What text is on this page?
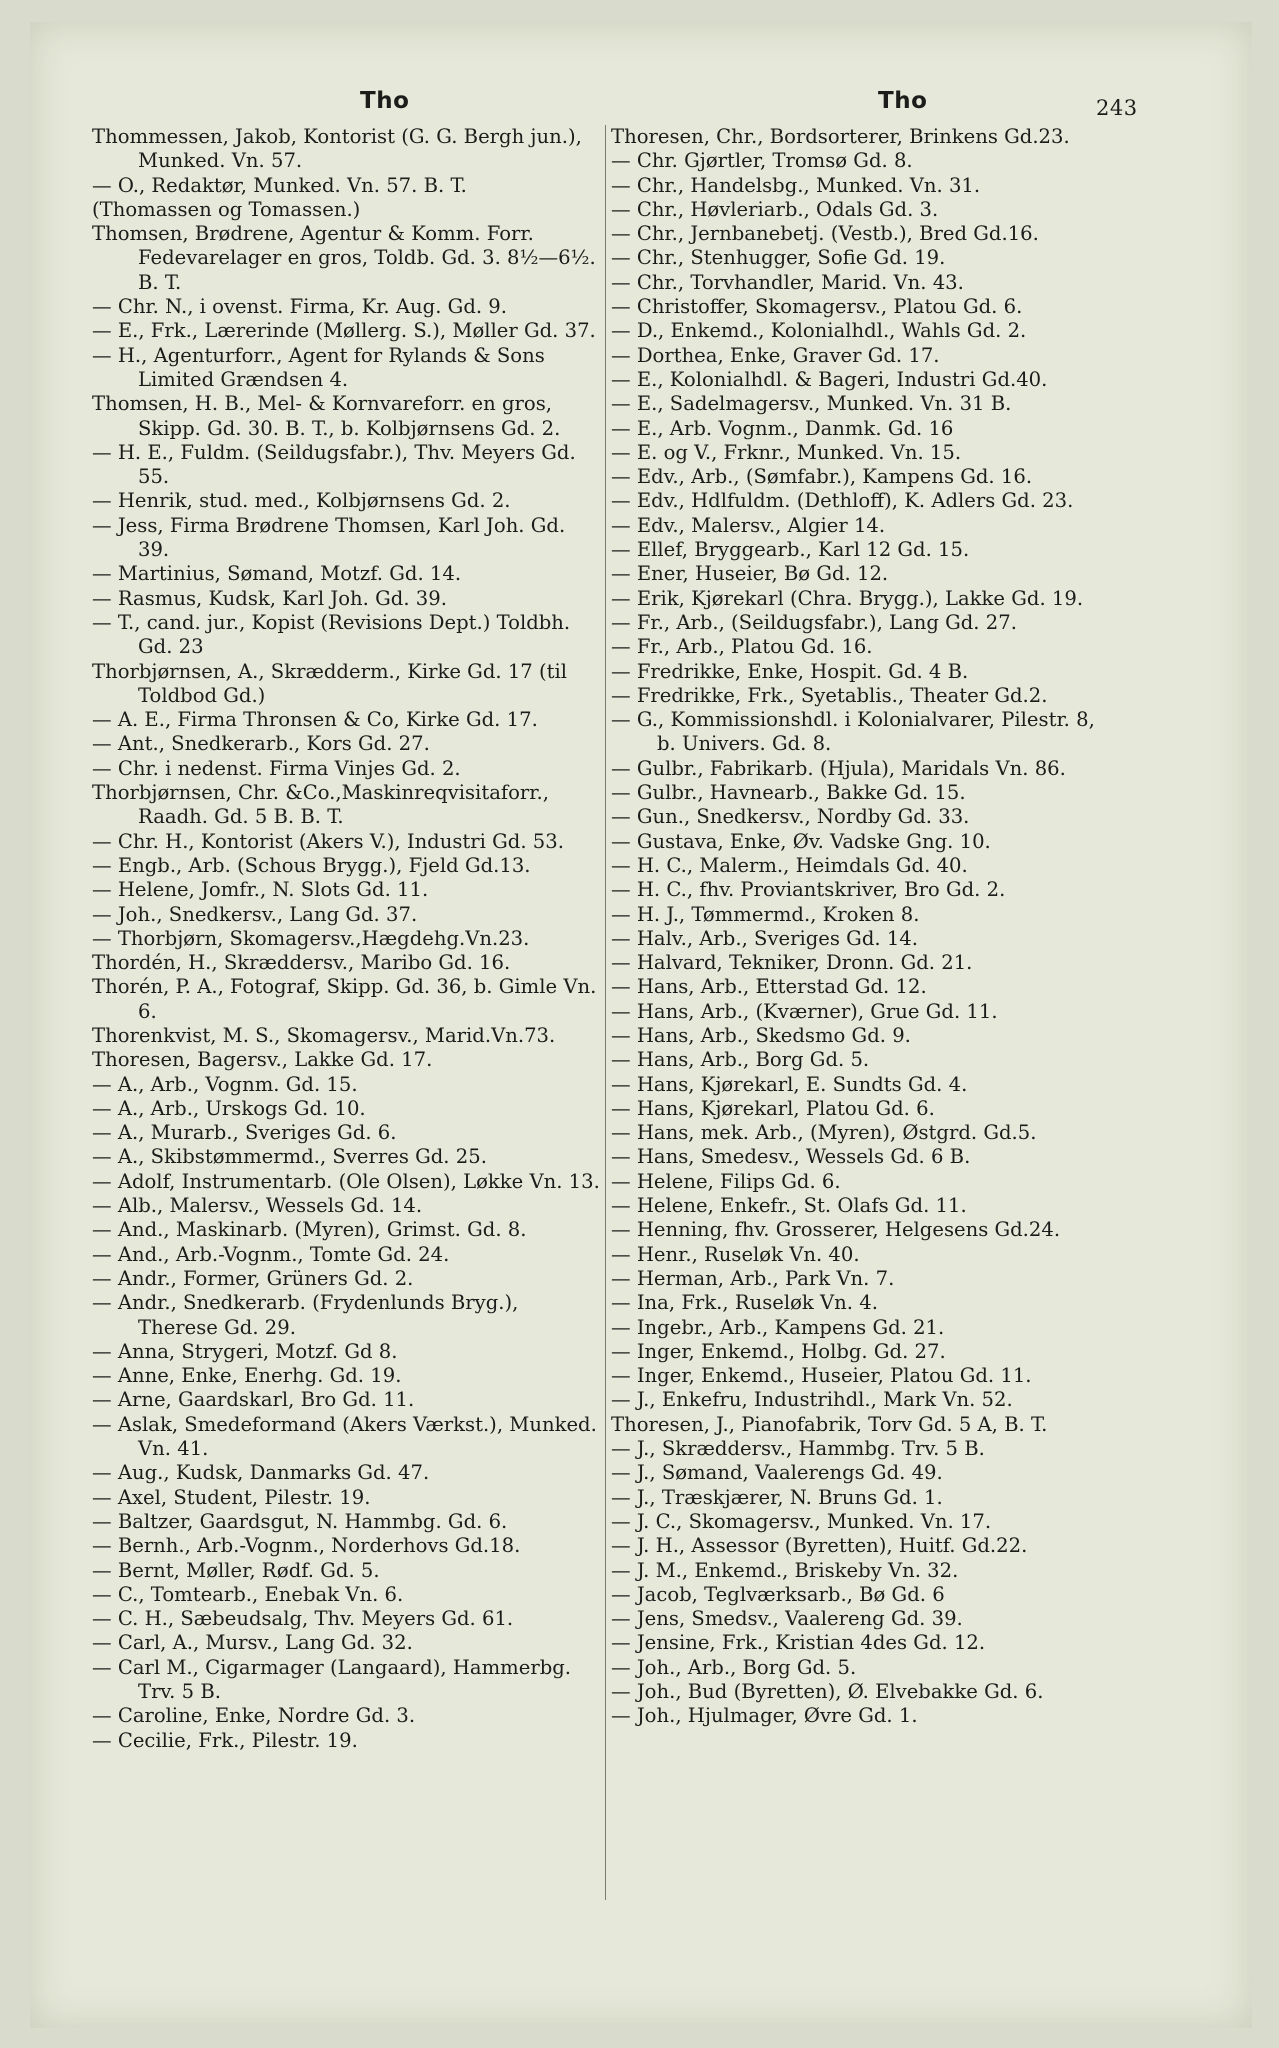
Tho	Tho	243
Thommessen, Jakob, Kontorist (G. G. Bergh jun.), Munked. Vn. 57.
— O., Redaktør, Munked. Vn. 57. B. T.
(Thomassen og Tomassen.)
Thomsen, Brødrene, Agentur & Komm. Forr. Fedevarelager en gros, Toldb. Gd. 3. 8½—6½. B. T.
— Chr. N., i ovenst. Firma, Kr. Aug. Gd. 9.
— E., Frk., Lærerinde (Møllerg. S.), Møller Gd. 37.
— H., Agenturforr., Agent for Rylands & Sons Limited Grændsen 4.
Thomsen, H. B., Mel- & Kornvareforr. en gros, Skipp. Gd. 30. B. T., b. Kolbjørnsens Gd. 2.
— H. E., Fuldm. (Seildugsfabr.), Thv. Meyers Gd. 55.
— Henrik, stud. med., Kolbjørnsens Gd. 2.
— Jess, Firma Brødrene Thomsen, Karl Joh. Gd. 39.
— Martinius, Sømand, Motzf. Gd. 14.
— Rasmus, Kudsk, Karl Joh. Gd. 39.
— T., cand. jur., Kopist (Revisions Dept.) Toldbh. Gd. 23
Thorbjørnsen, A., Skrædderm., Kirke Gd. 17 (til Toldbod Gd.)
— A. E., Firma Thronsen & Co, Kirke Gd. 17.
— Ant., Snedkerarb., Kors Gd. 27.
— Chr. i nedenst. Firma Vinjes Gd. 2.
Thorbjørnsen, Chr. &Co.,Maskinreqvisitaforr., Raadh. Gd. 5 B. B. T.
— Chr. H., Kontorist (Akers V.), Industri Gd. 53.
— Engb., Arb. (Schous Brygg.), Fjeld Gd.13.
— Helene, Jomfr., N. Slots Gd. 11.
— Joh., Snedkersv., Lang Gd. 37.
— Thorbjørn, Skomagersv.,Hægdehg.Vn.23.
Thordén, H., Skræddersv., Maribo Gd. 16.
Thorén, P. A., Fotograf, Skipp. Gd. 36, b. Gimle Vn. 6.
Thorenkvist, M. S., Skomagersv., Marid.Vn.73.
Thoresen, Bagersv., Lakke Gd. 17.
— A., Arb., Vognm. Gd. 15.
— A., Arb., Urskogs Gd. 10.
— A., Murarb., Sveriges Gd. 6.
— A., Skibstømmermd., Sverres Gd. 25.
— Adolf, Instrumentarb. (Ole Olsen), Løkke Vn. 13.
— Alb., Malersv., Wessels Gd. 14.
— And., Maskinarb. (Myren), Grimst. Gd. 8.
— And., Arb.-Vognm., Tomte Gd. 24.
— Andr., Former, Grüners Gd. 2.
— Andr., Snedkerarb. (Frydenlunds Bryg.), Therese Gd. 29.
— Anna, Strygeri, Motzf. Gd 8.
— Anne, Enke, Enerhg. Gd. 19.
— Arne, Gaardskarl, Bro Gd. 11.
— Aslak, Smedeformand (Akers Værkst.), Munked. Vn. 41.
— Aug., Kudsk, Danmarks Gd. 47.
— Axel, Student, Pilestr. 19.
— Baltzer, Gaardsgut, N. Hammbg. Gd. 6.
— Bernh., Arb.-Vognm., Norderhovs Gd.18.
— Bernt, Møller, Rødf. Gd. 5.
— C., Tomtearb., Enebak Vn. 6.
— C. H., Sæbeudsalg, Thv. Meyers Gd. 61.
— Carl, A., Mursv., Lang Gd. 32.
— Carl M., Cigarmager (Langaard), Hammerbg. Trv. 5 B.
— Caroline, Enke, Nordre Gd. 3.
— Cecilie, Frk., Pilestr. 19.
Thoresen, Chr., Bordsorterer, Brinkens Gd.23.
— Chr. Gjørtler, Tromsø Gd. 8.
— Chr., Handelsbg., Munked. Vn. 31.
— Chr., Høvleriarb., Odals Gd. 3.
— Chr., Jernbanebetj. (Vestb.), Bred Gd.16.
— Chr., Stenhugger, Sofie Gd. 19.
— Chr., Torvhandler, Marid. Vn. 43.
— Christoffer, Skomagersv., Platou Gd. 6.
— D., Enkemd., Kolonialhdl., Wahls Gd. 2.
— Dorthea, Enke, Graver Gd. 17.
— E., Kolonialhdl. & Bageri, Industri Gd.40.
— E., Sadelmagersv., Munked. Vn. 31 B.
— E., Arb. Vognm., Danmk. Gd. 16
— E. og V., Frknr., Munked. Vn. 15.
— Edv., Arb., (Sømfabr.), Kampens Gd. 16.
— Edv., Hdlfuldm. (Dethloff), K. Adlers Gd. 23.
— Edv., Malersv., Algier 14.
— Ellef, Bryggearb., Karl 12 Gd. 15.
— Ener, Huseier, Bø Gd. 12.
— Erik, Kjørekarl (Chra. Brygg.), Lakke Gd. 19.
— Fr., Arb., (Seildugsfabr.), Lang Gd. 27.
— Fr., Arb., Platou Gd. 16.
— Fredrikke, Enke, Hospit. Gd. 4 B.
— Fredrikke, Frk., Syetablis., Theater Gd.2.
— G., Kommissionshdl. i Kolonialvarer, Pilestr. 8, b. Univers. Gd. 8.
— Gulbr., Fabrikarb. (Hjula), Maridals Vn. 86.
— Gulbr., Havnearb., Bakke Gd. 15.
— Gun., Snedkersv., Nordby Gd. 33.
— Gustava, Enke, Øv. Vadske Gng. 10.
— H. C., Malerm., Heimdals Gd. 40.
— H. C., fhv. Proviantskriver, Bro Gd. 2.
— H. J., Tømmermd., Kroken 8.
— Halv., Arb., Sveriges Gd. 14.
— Halvard, Tekniker, Dronn. Gd. 21.
— Hans, Arb., Etterstad Gd. 12.
— Hans, Arb., (Kværner), Grue Gd. 11.
— Hans, Arb., Skedsmo Gd. 9.
— Hans, Arb., Borg Gd. 5.
— Hans, Kjørekarl, E. Sundts Gd. 4.
— Hans, Kjørekarl, Platou Gd. 6.
— Hans, mek. Arb., (Myren), Østgrd. Gd.5.
— Hans, Smedesv., Wessels Gd. 6 B.
— Helene, Filips Gd. 6.
— Helene, Enkefr., St. Olafs Gd. 11.
— Henning, fhv. Grosserer, Helgesens Gd.24.
— Henr., Ruseløk Vn. 40.
— Herman, Arb., Park Vn. 7.
— Ina, Frk., Ruseløk Vn. 4.
— Ingebr., Arb., Kampens Gd. 21.
— Inger, Enkemd., Holbg. Gd. 27.
— Inger, Enkemd., Huseier, Platou Gd. 11.
— J., Enkefru, Industrihdl., Mark Vn. 52.
Thoresen, J., Pianofabrik, Torv Gd. 5 A, B. T.
— J., Skræddersv., Hammbg. Trv. 5 B.
— J., Sømand, Vaalerengs Gd. 49.
— J., Træskjærer, N. Bruns Gd. 1.
— J. C., Skomagersv., Munked. Vn. 17.
— J. H., Assessor (Byretten), Huitf. Gd.22.
— J. M., Enkemd., Briskeby Vn. 32.
— Jacob, Teglværksarb., Bø Gd. 6
— Jens, Smedsv., Vaalereng Gd. 39.
— Jensine, Frk., Kristian 4des Gd. 12.
— Joh., Arb., Borg Gd. 5.
— Joh., Bud (Byretten), Ø. Elvebakke Gd. 6.
— Joh., Hjulmager, Øvre Gd. 1.
